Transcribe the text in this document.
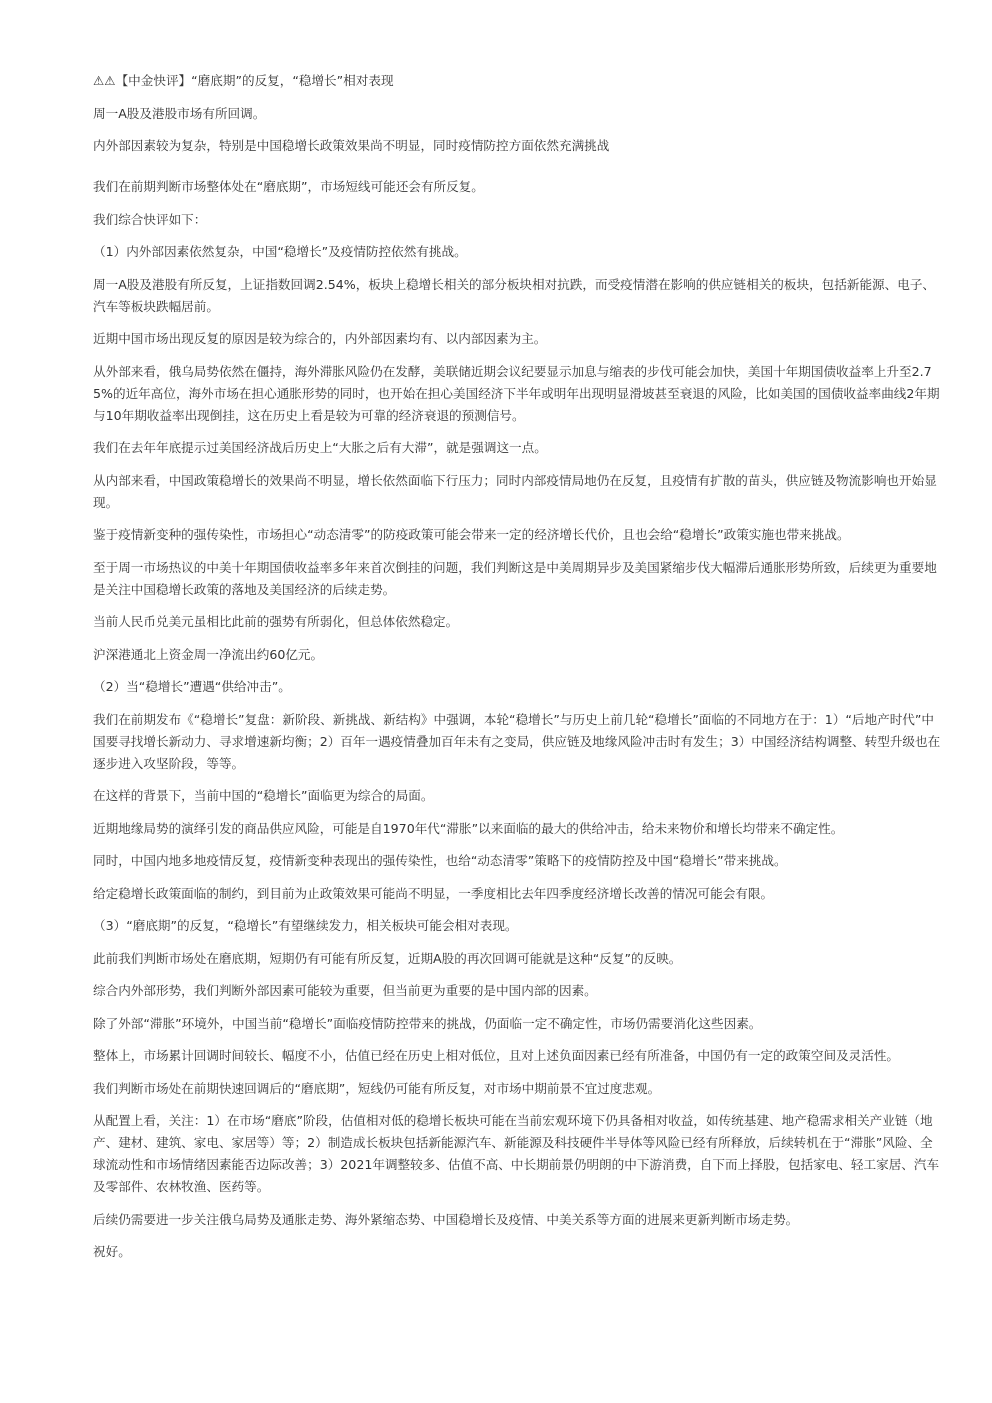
⚠⚠【中金快评】“磨底期”的反复，“稳增长”相对表现

周一A股及港股市场有所回调。

内外部因素较为复杂，特别是中国稳增长政策效果尚不明显，同时疫情防控方面依然充满挑战

我们在前期判断市场整体处在“磨底期”，市场短线可能还会有所反复。

我们综合快评如下：

（1）内外部因素依然复杂，中国“稳增长”及疫情防控依然有挑战。

周一A股及港股有所反复，上证指数回调2.54%，板块上稳增长相关的部分板块相对抗跌，而受疫情潜在影响的供应链相关的板块，包括新能源、电子、汽车等板块跌幅居前。

近期中国市场出现反复的原因是较为综合的，内外部因素均有、以内部因素为主。

从外部来看，俄乌局势依然在僵持，海外滞胀风险仍在发酵，美联储近期会议纪要显示加息与缩表的步伐可能会加快，美国十年期国债收益率上升至2.75%的近年高位，海外市场在担心通胀形势的同时，也开始在担心美国经济下半年或明年出现明显滑坡甚至衰退的风险，比如美国的国债收益率曲线2年期与10年期收益率出现倒挂，这在历史上看是较为可靠的经济衰退的预测信号。

我们在去年年底提示过美国经济战后历史上“大胀之后有大滞”，就是强调这一点。

从内部来看，中国政策稳增长的效果尚不明显，增长依然面临下行压力；同时内部疫情局地仍在反复，且疫情有扩散的苗头，供应链及物流影响也开始显现。

鉴于疫情新变种的强传染性，市场担心“动态清零”的防疫政策可能会带来一定的经济增长代价，且也会给“稳增长”政策实施也带来挑战。

至于周一市场热议的中美十年期国债收益率多年来首次倒挂的问题，我们判断这是中美周期异步及美国紧缩步伐大幅滞后通胀形势所致，后续更为重要地是关注中国稳增长政策的落地及美国经济的后续走势。

当前人民币兑美元虽相比此前的强势有所弱化，但总体依然稳定。

沪深港通北上资金周一净流出约60亿元。

（2）当“稳增长”遭遇“供给冲击”。

我们在前期发布《“稳增长”复盘：新阶段、新挑战、新结构》中强调，本轮“稳增长”与历史上前几轮“稳增长”面临的不同地方在于：1）“后地产时代”中国要寻找增长新动力、寻求增速新均衡；2）百年一遇疫情叠加百年未有之变局，供应链及地缘风险冲击时有发生；3）中国经济结构调整、转型升级也在逐步进入攻坚阶段，等等。

在这样的背景下，当前中国的“稳增长”面临更为综合的局面。

近期地缘局势的演绎引发的商品供应风险，可能是自1970年代“滞胀”以来面临的最大的供给冲击，给未来物价和增长均带来不确定性。

同时，中国内地多地疫情反复，疫情新变种表现出的强传染性，也给“动态清零”策略下的疫情防控及中国“稳增长”带来挑战。

给定稳增长政策面临的制约，到目前为止政策效果可能尚不明显，一季度相比去年四季度经济增长改善的情况可能会有限。

（3）“磨底期”的反复，“稳增长”有望继续发力，相关板块可能会相对表现。

此前我们判断市场处在磨底期，短期仍有可能有所反复，近期A股的再次回调可能就是这种“反复”的反映。

综合内外部形势，我们判断外部因素可能较为重要，但当前更为重要的是中国内部的因素。

除了外部“滞胀”环境外，中国当前“稳增长”面临疫情防控带来的挑战，仍面临一定不确定性，市场仍需要消化这些因素。

整体上，市场累计回调时间较长、幅度不小，估值已经在历史上相对低位，且对上述负面因素已经有所准备，中国仍有一定的政策空间及灵活性。

我们判断市场处在前期快速回调后的“磨底期”，短线仍可能有所反复，对市场中期前景不宜过度悲观。

从配置上看，关注：1）在市场“磨底”阶段，估值相对低的稳增长板块可能在当前宏观环境下仍具备相对收益，如传统基建、地产稳需求相关产业链（地产、建材、建筑、家电、家居等）等；2）制造成长板块包括新能源汽车、新能源及科技硬件半导体等风险已经有所释放，后续转机在于“滞胀”风险、全球流动性和市场情绪因素能否边际改善；3）2021年调整较多、估值不高、中长期前景仍明朗的中下游消费，自下而上择股，包括家电、轻工家居、汽车及零部件、农林牧渔、医药等。

后续仍需要进一步关注俄乌局势及通胀走势、海外紧缩态势、中国稳增长及疫情、中美关系等方面的进展来更新判断市场走势。

祝好。
